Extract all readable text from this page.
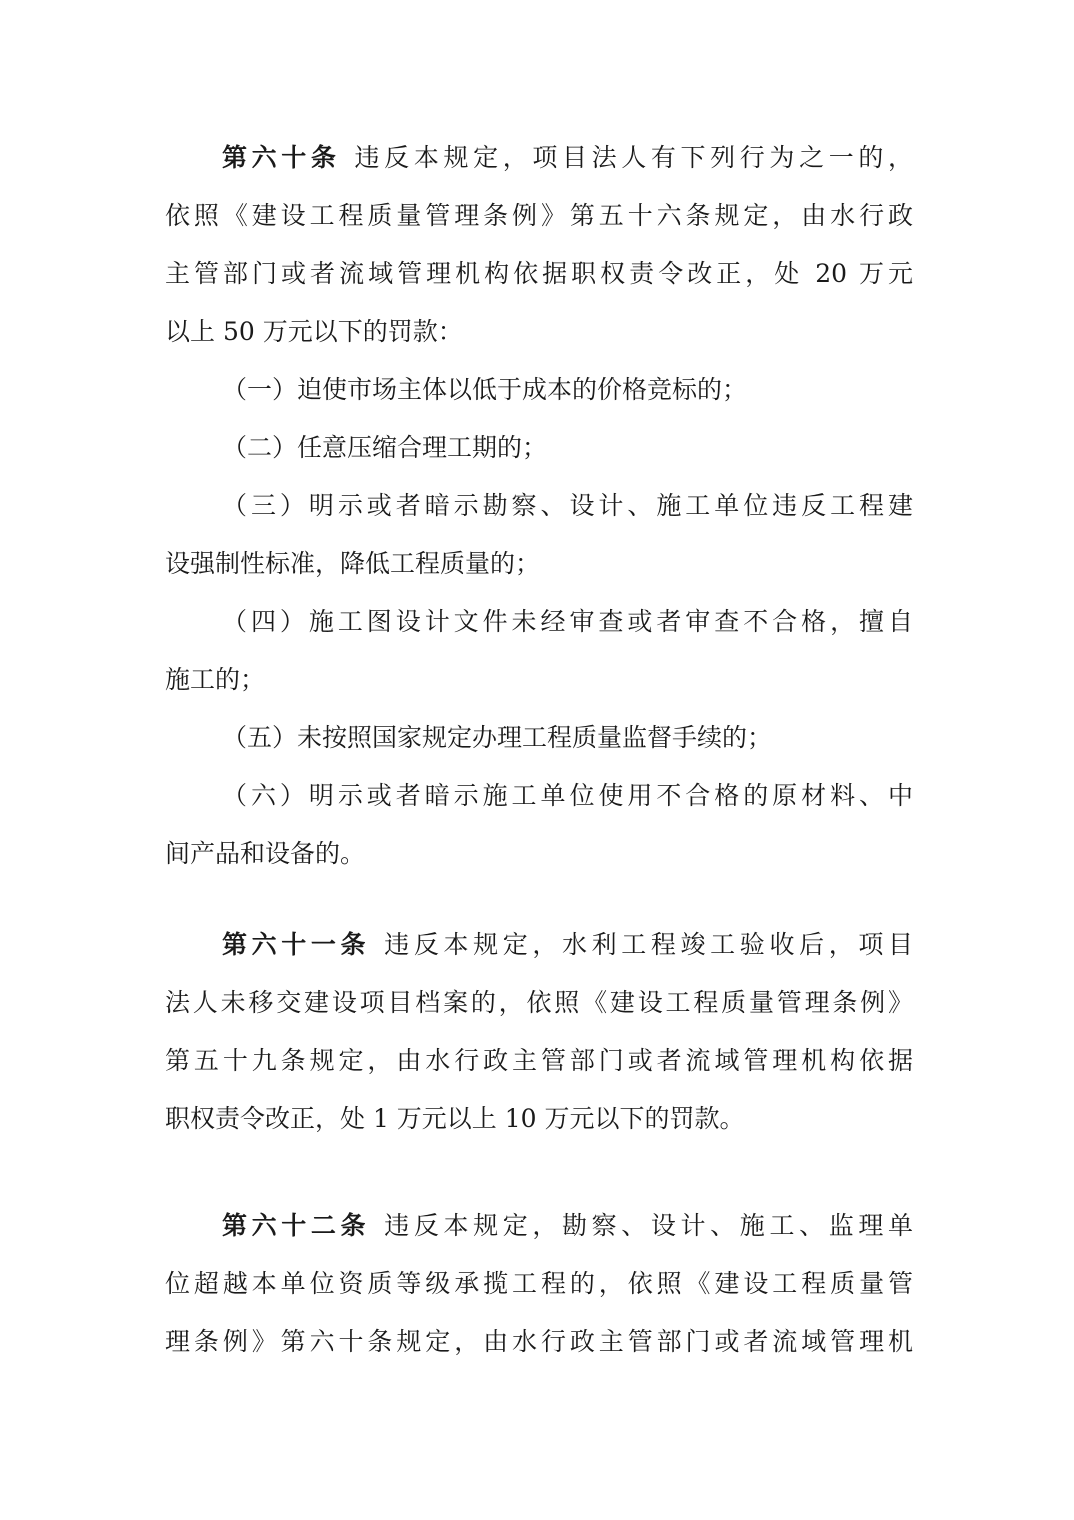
第六十条 违反本规定，项目法人有下列行为之一的，
依照《建设工程质量管理条例》第五十六条规定，由水行政
主管部门或者流域管理机构依据职权责令改正，处 20 万元
以上 50 万元以下的罚款：
（一）迫使市场主体以低于成本的价格竞标的；
（二）任意压缩合理工期的；
（三）明示或者暗示勘察、设计、施工单位违反工程建
设强制性标准，降低工程质量的；
（四）施工图设计文件未经审查或者审查不合格，擅自
施工的；
（五）未按照国家规定办理工程质量监督手续的；
（六）明示或者暗示施工单位使用不合格的原材料、中
间产品和设备的。
第六十一条 违反本规定，水利工程竣工验收后，项目
法人未移交建设项目档案的，依照《建设工程质量管理条例》
第五十九条规定，由水行政主管部门或者流域管理机构依据
职权责令改正，处 1 万元以上 10 万元以下的罚款。
第六十二条 违反本规定，勘察、设计、施工、监理单
位超越本单位资质等级承揽工程的，依照《建设工程质量管
理条例》第六十条规定，由水行政主管部门或者流域管理机
